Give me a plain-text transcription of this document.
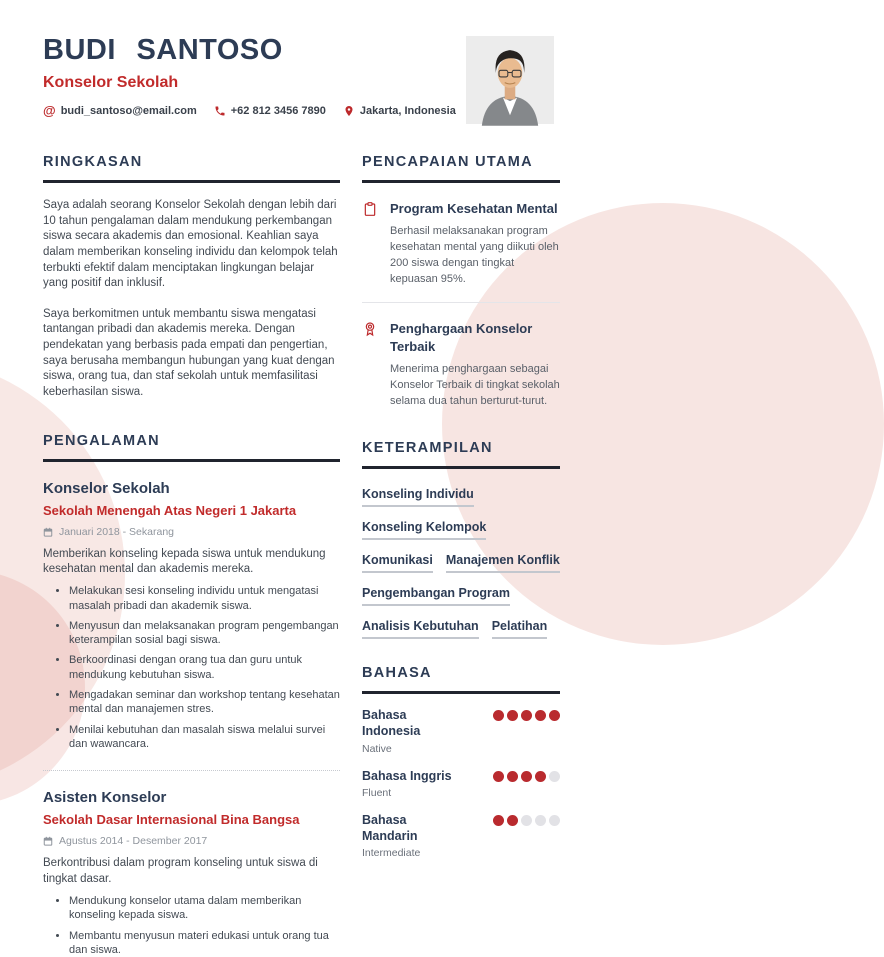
BUDI SANTOSO
Konselor Sekolah
@ budi_santoso@email.com	+62 812 3456 7890	Jakarta, Indonesia
RINGKASAN

Saya adalah seorang Konselor Sekolah dengan lebih dari 10 tahun pengalaman dalam mendukung perkembangan siswa secara akademis dan emosional. Keahlian saya dalam memberikan konseling individu dan kelompok telah terbukti efektif dalam menciptakan lingkungan belajar yang positif dan inklusif.

Saya berkomitmen untuk membantu siswa mengatasi tantangan pribadi dan akademis mereka. Dengan pendekatan yang berbasis pada empati dan pengertian, saya berusaha membangun hubungan yang kuat dengan siswa, orang tua, dan staf sekolah untuk memfasilitasi keberhasilan siswa.

PENGALAMAN
Konselor Sekolah
Sekolah Menengah Atas Negeri 1 Jakarta
Januari 2018 - Sekarang
Memberikan konseling kepada siswa untuk mendukung kesehatan mental dan akademis mereka.
• Melakukan sesi konseling individu untuk mengatasi masalah pribadi dan akademik siswa.
• Menyusun dan melaksanakan program pengembangan keterampilan sosial bagi siswa.
• Berkoordinasi dengan orang tua dan guru untuk mendukung kebutuhan siswa.
• Mengadakan seminar dan workshop tentang kesehatan mental dan manajemen stres.
• Menilai kebutuhan dan masalah siswa melalui survei dan wawancara.
Asisten Konselor
Sekolah Dasar Internasional Bina Bangsa
Agustus 2014 - Desember 2017
Berkontribusi dalam program konseling untuk siswa di tingkat dasar.
• Mendukung konselor utama dalam memberikan konseling kepada siswa.
• Membantu menyusun materi edukasi untuk orang tua dan siswa.
PENCAPAIAN UTAMA
Program Kesehatan Mental
Berhasil melaksanakan program kesehatan mental yang diikuti oleh 200 siswa dengan tingkat kepuasan 95%.
Penghargaan Konselor Terbaik
Menerima penghargaan sebagai Konselor Terbaik di tingkat sekolah selama dua tahun berturut-turut.
KETERAMPILAN
Konseling Individu
Konseling Kelompok
Komunikasi Manajemen Konflik
Pengembangan Program
Analisis Kebutuhan Pelatihan
BAHASA
Bahasa Indonesia
Native
Bahasa Inggris
Fluent
Bahasa Mandarin
Intermediate
